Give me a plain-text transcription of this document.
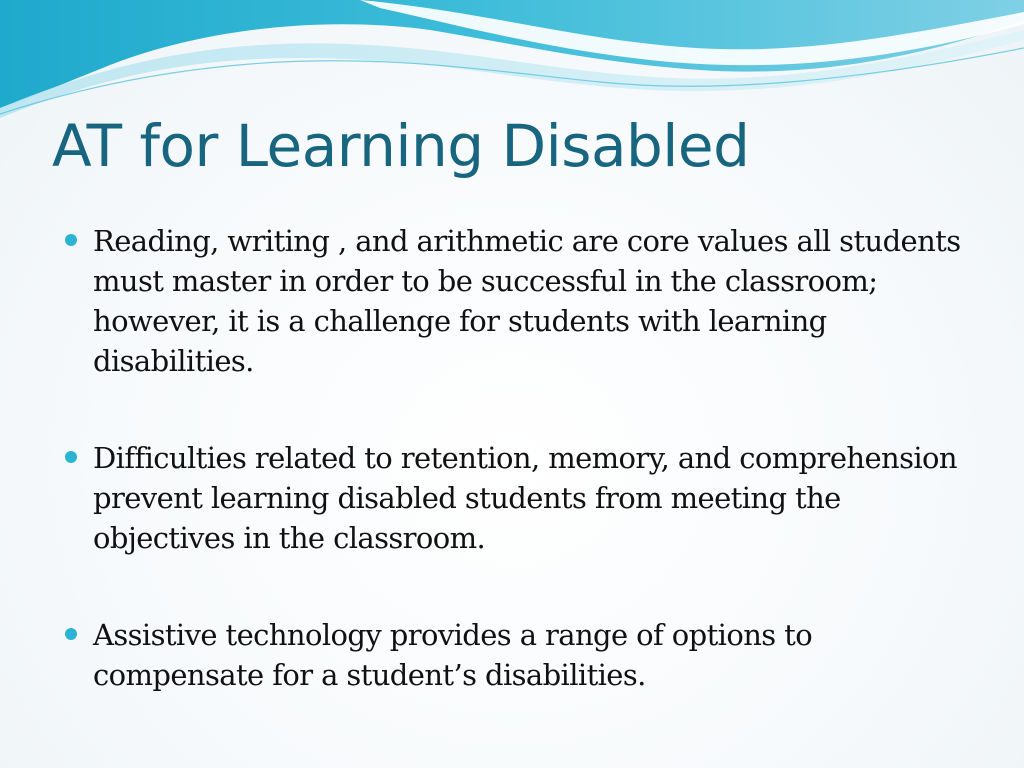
AT for Learning Disabled
Reading, writing , and arithmetic are core values all students must master in order to be successful in the classroom; however, it is a challenge for students with learning disabilities.
Difficulties related to retention, memory, and comprehension prevent learning disabled students from meeting the objectives in the classroom.
Assistive technology provides a range of options to compensate for a student’s disabilities.
